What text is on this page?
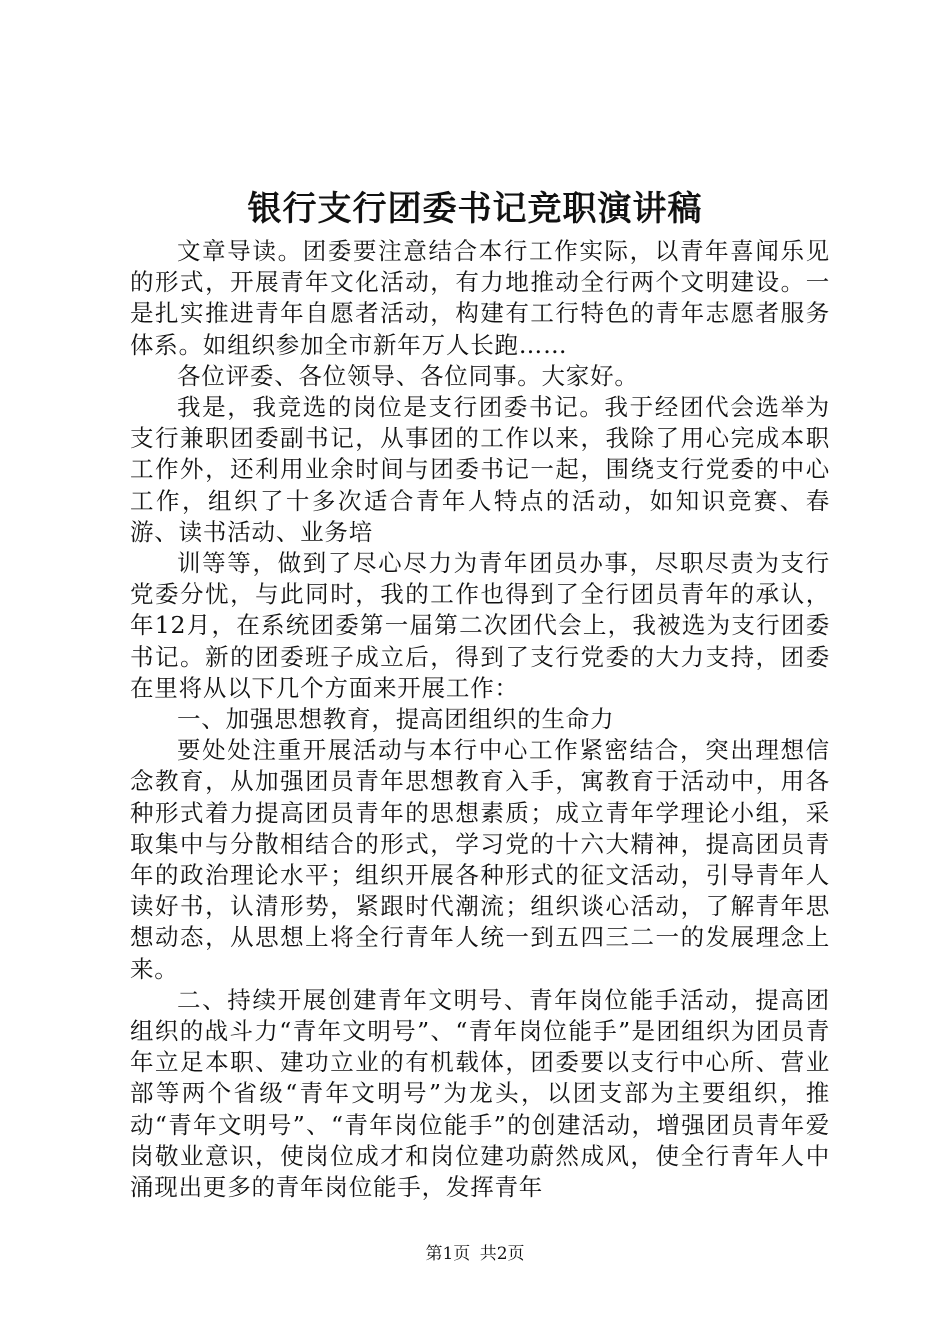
银行支行团委书记竞职演讲稿

文章导读。团委要注意结合本行工作实际，以青年喜闻乐见的形式，开展青年文化活动，有力地推动全行两个文明建设。一是扎实推进青年自愿者活动，构建有工行特色的青年志愿者服务体系。如组织参加全市新年万人长跑……

各位评委、各位领导、各位同事。大家好。

我是，我竞选的岗位是支行团委书记。我于经团代会选举为支行兼职团委副书记，从事团的工作以来，我除了用心完成本职工作外，还利用业余时间与团委书记一起，围绕支行党委的中心工作，组织了十多次适合青年人特点的活动，如知识竞赛、春游、读书活动、业务培

训等等，做到了尽心尽力为青年团员办事，尽职尽责为支行党委分忧，与此同时，我的工作也得到了全行团员青年的承认，年12月，在系统团委第一届第二次团代会上，我被选为支行团委书记。新的团委班子成立后，得到了支行党委的大力支持，团委在里将从以下几个方面来开展工作：

一、加强思想教育，提高团组织的生命力

要处处注重开展活动与本行中心工作紧密结合，突出理想信念教育，从加强团员青年思想教育入手，寓教育于活动中，用各种形式着力提高团员青年的思想素质；成立青年学理论小组，采取集中与分散相结合的形式，学习党的十六大精神，提高团员青年的政治理论水平；组织开展各种形式的征文活动，引导青年人读好书，认清形势，紧跟时代潮流；组织谈心活动，了解青年思想动态，从思想上将全行青年人统一到五四三二一的发展理念上来。

二、持续开展创建青年文明号、青年岗位能手活动，提高团组织的战斗力“青年文明号”、“青年岗位能手”是团组织为团员青年立足本职、建功立业的有机载体，团委要以支行中心所、营业部等两个省级“青年文明号”为龙头，以团支部为主要组织，推动“青年文明号”、“青年岗位能手”的创建活动，增强团员青年爱岗敬业意识，使岗位成才和岗位建功蔚然成风，使全行青年人中涌现出更多的青年岗位能手，发挥青年

第1页 共2页
